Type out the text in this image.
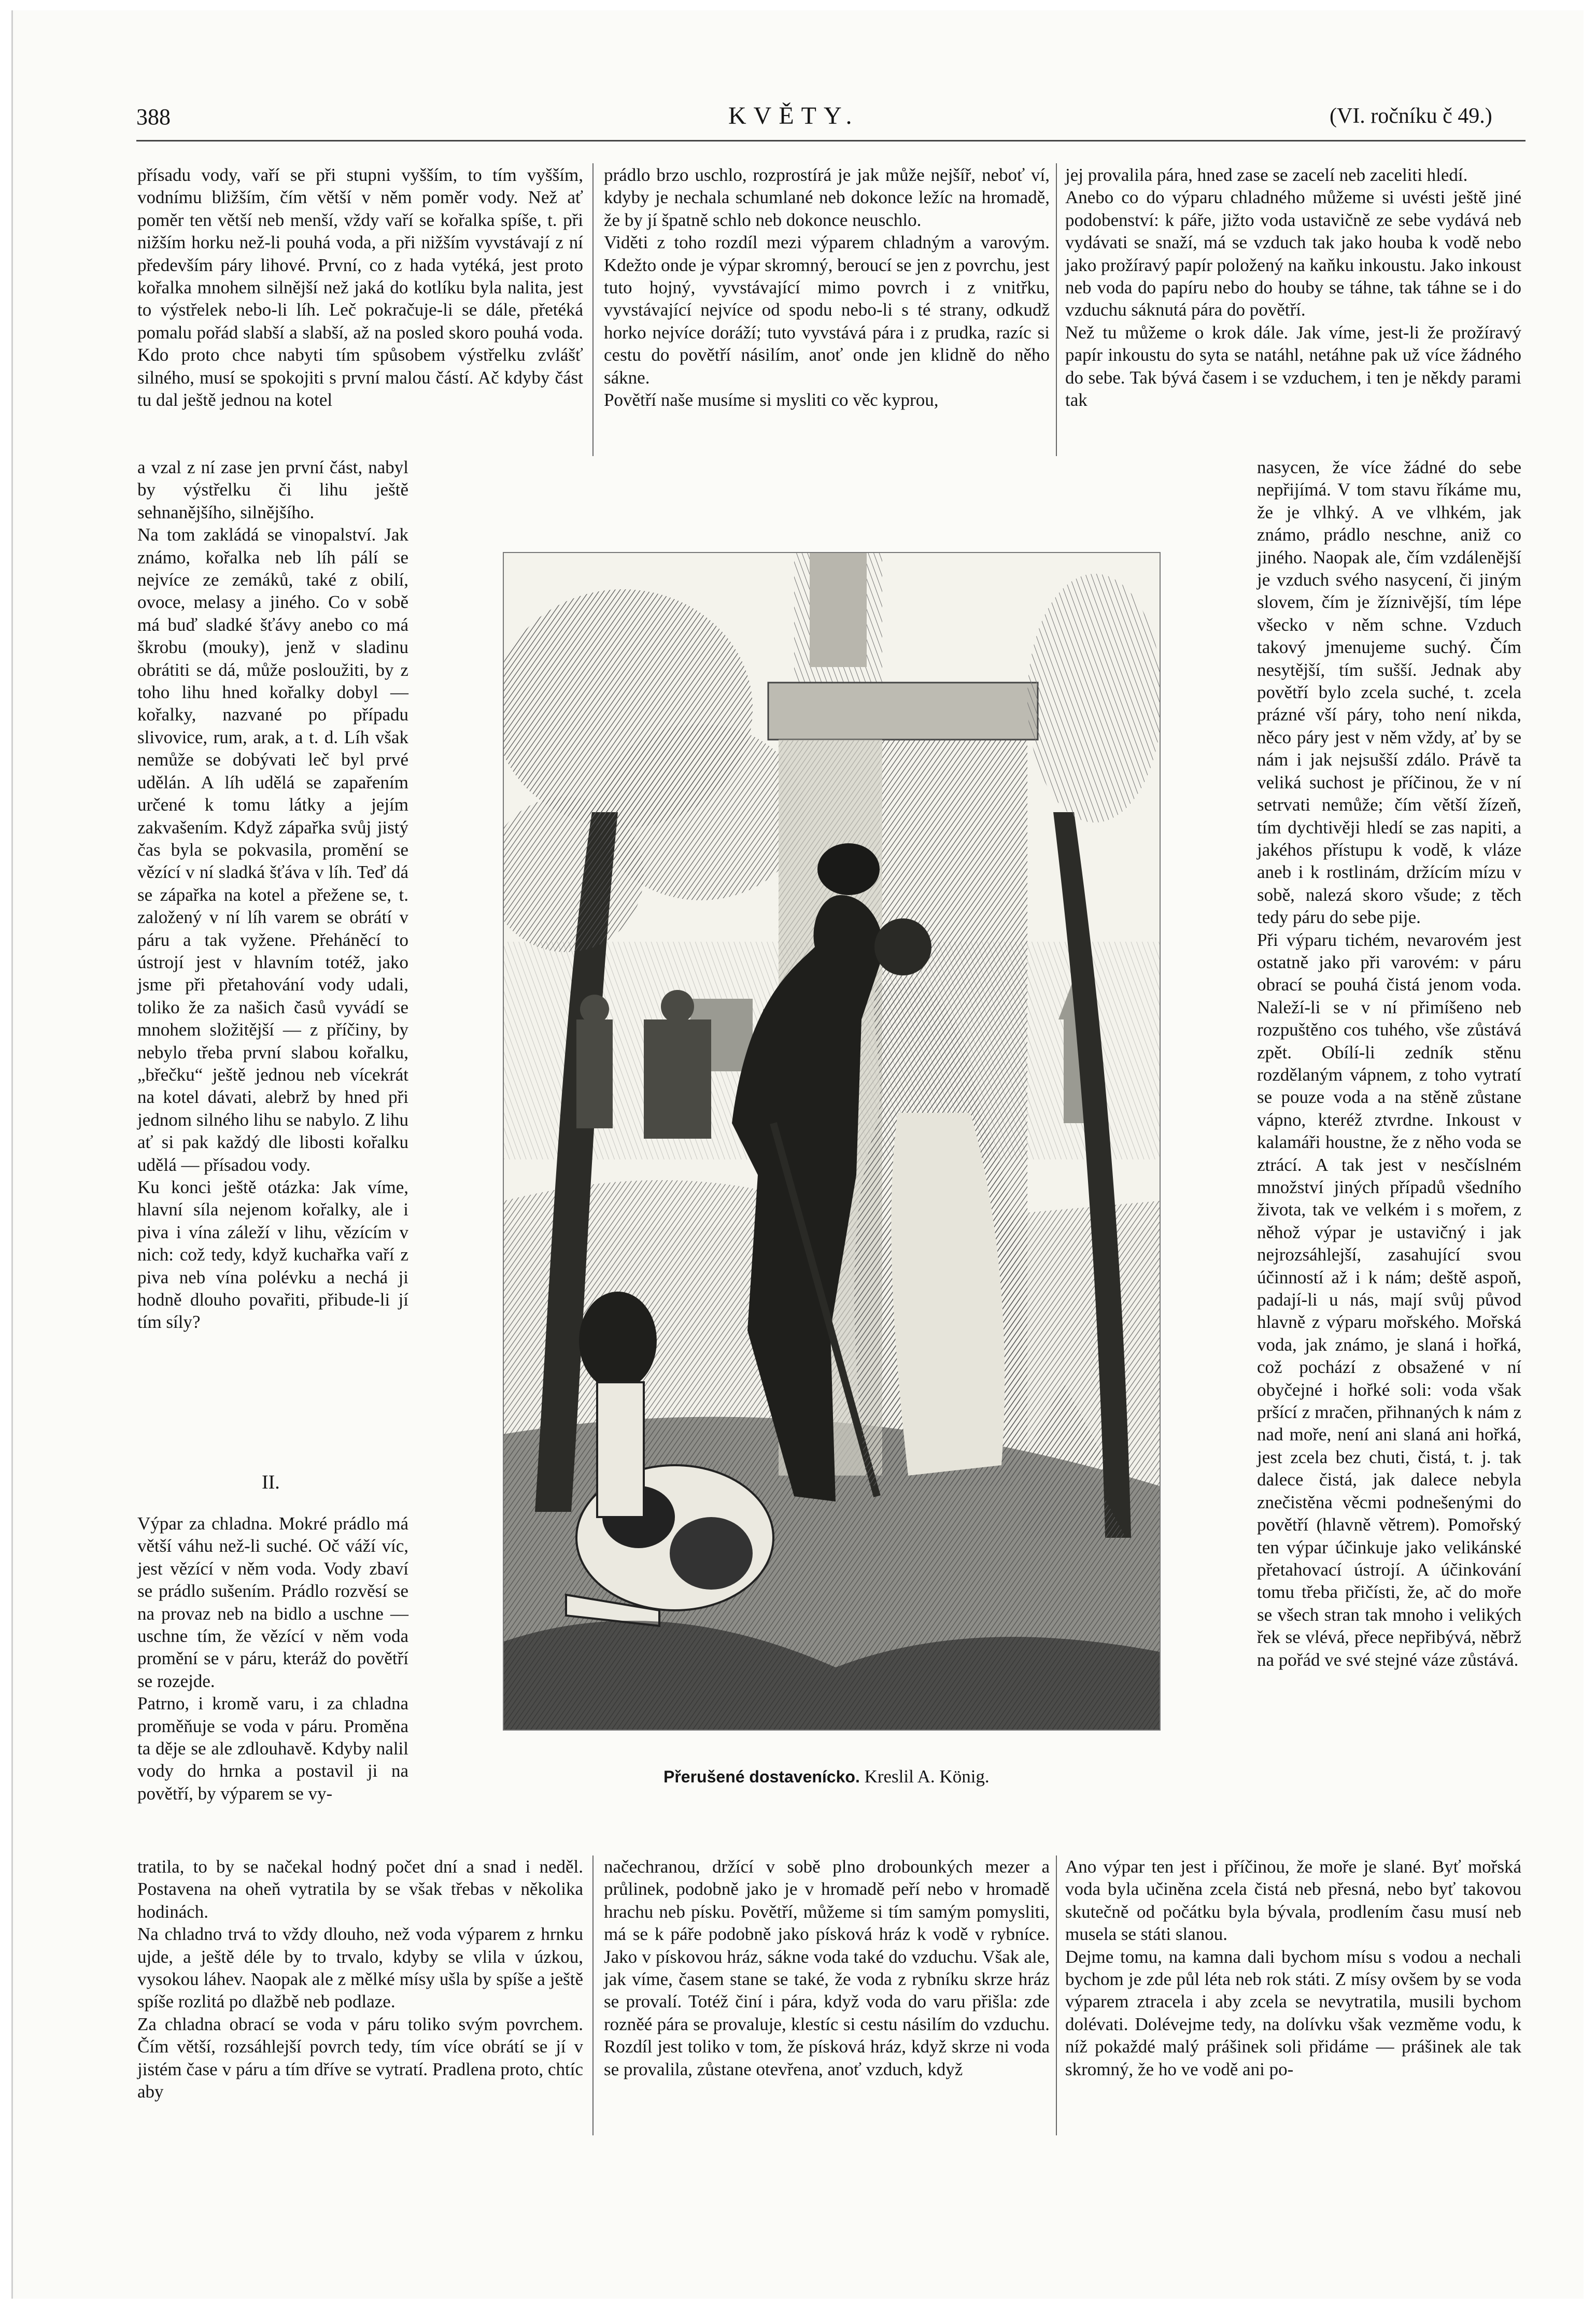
388	KVĚTY.	(VI. ročníku č 49.)
přísadu vody, vaří se při stupni vyšším, to tím vyšším, vodnímu bližším, čím větší v něm poměr vody. Než ať poměr ten větší neb menší, vždy vaří se kořalka spíše, t. při nižším horku než-li pouhá voda, a při nižším vyvstávají z ní především páry lihové. První, co z hada vytéká, jest proto kořalka mnohem silnější než jaká do kotlíku byla nalita, jest to výstřelek nebo-li líh. Leč pokračuje-li se dále, přetéká pomalu pořád slabší a slabší, až na posled skoro pouhá voda. Kdo proto chce nabyti tím spůsobem výstřelku zvlášť silného, musí se spokojiti s první malou částí. Ač kdyby část tu dal ještě jednou na kotel
a vzal z ní zase jen první část, nabyl by výstřelku či lihu ještě sehnanějšího, silnějšího.
Na tom zakládá se vinopalství. Jak známo, kořalka neb líh pálí se nejvíce ze zemáků, také z obilí, ovoce, melasy a jiného. Co v sobě má buď sladké šťávy anebo co má škrobu (mouky), jenž v sladinu obrátiti se dá, může posloužiti, by z toho lihu hned kořalky dobyl — kořalky, nazvané po případu slivovice, rum, arak, a t. d. Líh však nemůže se dobývati leč byl prvé udělán. A líh udělá se zapařením určené k tomu látky a jejím zakvašením. Když zápařka svůj jistý čas byla se pokvasila, promění se vězící v ní sladká šťáva v líh. Teď dá se zápařka na kotel a přežene se, t. založený v ní líh varem se obrátí v páru a tak vyžene. Přeháněcí to ústrojí jest v hlavním totéž, jako jsme při přetahování vody udali, toliko že za našich časů vyvádí se mnohem složitější — z příčiny, by nebylo třeba první slabou kořalku, „břečku“ ještě jednou neb vícekrát na kotel dávati, alebrž by hned při jednom silného lihu se nabylo. Z lihu ať si pak každý dle libosti kořalku udělá — přísadou vody.
Ku konci ještě otázka: Jak víme, hlavní síla nejenom kořalky, ale i piva i vína záleží v lihu, vězícím v nich: což tedy, když kuchařka vaří z piva neb vína polévku a nechá ji hodně dlouho povařiti, přibude-li jí tím síly?
II.
Výpar za chladna. Mokré prádlo má větší váhu než-li suché. Oč váží víc, jest vězící v něm voda. Vody zbaví se prádlo sušením. Prádlo rozvěsí se na provaz neb na bidlo a uschne — uschne tím, že vězící v něm voda promění se v páru, kteráž do povětří se rozejde.
Patrno, i kromě varu, i za chladna proměňuje se voda v páru. Proměna ta děje se ale zdlouhavě. Kdyby nalil vody do hrnka a postavil ji na povětří, by výparem se vy-
tratila, to by se načekal hodný počet dní a snad i neděl. Postavena na oheň vytratila by se však třebas v několika hodinách.
Na chladno trvá to vždy dlouho, než voda výparem z hrnku ujde, a ještě déle by to trvalo, kdyby se vlila v úzkou, vysokou láhev. Naopak ale z mělké mísy ušla by spíše a ještě spíše rozlitá po dlažbě neb podlaze.
Za chladna obrací se voda v páru toliko svým povrchem. Čím větší, rozsáhlejší povrch tedy, tím více obrátí se jí v jistém čase v páru a tím dříve se vytratí. Pradlena proto, chtíc aby
prádlo brzo uschlo, rozprostírá je jak může nejšíř, neboť ví, kdyby je nechala schumlané neb dokonce ležíc na hromadě, že by jí špatně schlo neb dokonce neuschlo.
Viděti z toho rozdíl mezi výparem chladným a varovým. Kdežto onde je výpar skromný, beroucí se jen z povrchu, jest tuto hojný, vyvstávající mimo povrch i z vnitřku, vyvstávající nejvíce od spodu nebo-li s té strany, odkudž horko nejvíce doráží; tuto vyvstává pára i z prudka, razíc si cestu do povětří násilím, anoť onde jen klidně do něho sákne.
Povětří naše musíme si mysliti co věc kyprou,
načechranou, držící v sobě plno drobounkých mezer a průlinek, podobně jako je v hromadě peří nebo v hromadě hrachu neb písku. Povětří, můžeme si tím samým pomysliti, má se k páře podobně jako písková hráz k vodě v rybníce. Jako v pískovou hráz, sákne voda také do vzduchu. Však ale, jak víme, časem stane se také, že voda z rybníku skrze hráz se provalí. Totéž činí i pára, když voda do varu přišla: zde rozněé pára se provaluje, klestíc si cestu násilím do vzduchu. Rozdíl jest toliko v tom, že písková hráz, když skrze ni voda se provalila, zůstane otevřena, anoť vzduch, když
jej provalila pára, hned zase se zacelí neb zaceliti hledí.
Anebo co do výparu chladného můžeme si uvésti ještě jiné podobenství: k páře, jižto voda ustavičně ze sebe vydává neb vydávati se snaží, má se vzduch tak jako houba k vodě nebo jako prožíravý papír položený na kaňku inkoustu. Jako inkoust neb voda do papíru nebo do houby se táhne, tak táhne se i do vzduchu sáknutá pára do povětří.
Než tu můžeme o krok dále. Jak víme, jest-li že prožíravý papír inkoustu do syta se natáhl, netáhne pak už více žádného do sebe. Tak bývá časem i se vzduchem, i ten je někdy parami tak
nasycen, že více žádné do sebe nepřijímá. V tom stavu říkáme mu, že je vlhký. A ve vlhkém, jak známo, prádlo neschne, aniž co jiného. Naopak ale, čím vzdálenější je vzduch svého nasycení, či jiným slovem, čím je žíznivější, tím lépe všecko v něm schne. Vzduch takový jmenujeme suchý. Čím nesytější, tím sušší. Jednak aby povětří bylo zcela suché, t. zcela prázné vší páry, toho není nikda, něco páry jest v něm vždy, ať by se nám i jak nejsušší zdálo. Právě ta veliká suchost je příčinou, že v ní setrvati nemůže; čím větší žízeň, tím dychtivěji hledí se zas napiti, a jakéhos přístupu k vodě, k vláze aneb i k rostlinám, držícím mízu v sobě, nalezá skoro všude; z těch tedy páru do sebe pije.
Při výparu tichém, nevarovém jest ostatně jako při varovém: v páru obrací se pouhá čistá jenom voda. Naleží-li se v ní přimíšeno neb rozpuštěno cos tuhého, vše zůstává zpět. Obílí-li zedník stěnu rozdělaným vápnem, z toho vytratí se pouze voda a na stěně zůstane vápno, kteréž ztvrdne. Inkoust v kalamáři houstne, že z něho voda se ztrácí. A tak jest v nesčíslném množství jiných případů všedního života, tak ve velkém i s mořem, z něhož výpar je ustavičný i jak nejrozsáhlejší, zasahující svou účinností až i k nám; deště aspoň, padají-li u nás, mají svůj původ hlavně z výparu mořského. Mořská voda, jak známo, je slaná i hořká, což pochází z obsažené v ní obyčejné i hořké soli: voda však pršící z mračen, přihnaných k nám z nad moře, není ani slaná ani hořká, jest zcela bez chuti, čistá, t. j. tak dalece čistá, jak dalece nebyla znečistěna věcmi podnešenými do povětří (hlavně větrem). Pomořský ten výpar účinkuje jako velikánské přetahovací ústrojí. A účinkování tomu třeba přičísti, že, ač do moře se všech stran tak mnoho i velikých řek se vlévá, přece nepřibývá, něbrž na pořád ve své stejné váze zůstává.
Ano výpar ten jest i příčinou, že moře je slané. Byť mořská voda byla učiněna zcela čistá neb přesná, nebo byť takovou skutečně od počátku byla bývala, prodlením času musí neb musela se státi slanou.
Dejme tomu, na kamna dali bychom mísu s vodou a nechali bychom je zde půl léta neb rok státi. Z mísy ovšem by se voda výparem ztracela i aby zcela se nevytratila, musili bychom dolévati. Dolévejme tedy, na dolívku však vezměme vodu, k níž pokaždé malý prášinek soli přidáme — prášinek ale tak skromný, že ho ve vodě ani po-
Přerušené dostavenícko. Kreslil A. König.
